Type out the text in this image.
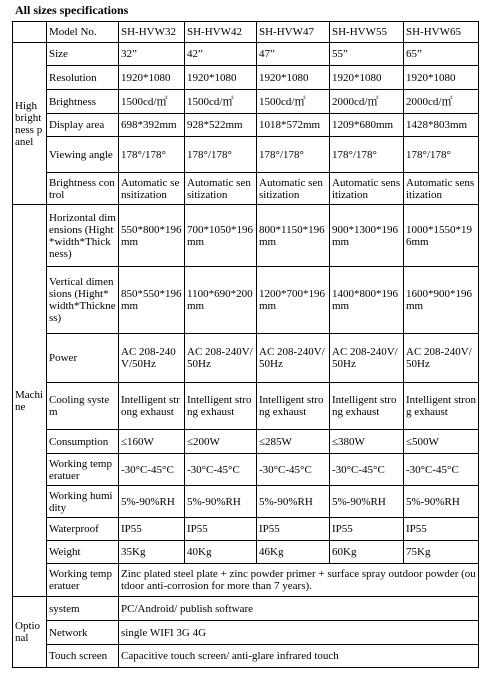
All sizes specifications
	Model No.	SH-HVW32	SH-HVW42	SH-HVW47	SH-HVW55	SH-HVW65
High brightness panel	Size	32”	42”	47”	55”	65”
	Resolution	1920*1080	1920*1080	1920*1080	1920*1080	1920*1080
	Brightness	1500cd/㎡	1500cd/㎡	1500cd/㎡	2000cd/㎡	2000cd/㎡
	Display area	698*392mm	928*522mm	1018*572mm	1209*680mm	1428*803mm
	Viewing angle	178°/178°	178°/178°	178°/178°	178°/178°	178°/178°
	Brightness control	Automatic sensitization	Automatic sensitization	Automatic sensitization	Automatic sensitization	Automatic sensitization
Machine	Horizontal dimensions (Hight*width*Thickness)	550*800*196mm	700*1050*196mm	800*1150*196mm	900*1300*196mm	1000*1550*196mm
	Vertical dimensions (Hight*width*Thickness)	850*550*196mm	1100*690*200mm	1200*700*196mm	1400*800*196mm	1600*900*196mm
	Power	AC 208-240V/50Hz	AC 208-240V/50Hz	AC 208-240V/50Hz	AC 208-240V/50Hz	AC 208-240V/50Hz
	Cooling system	Intelligent strong exhaust	Intelligent strong exhaust	Intelligent strong exhaust	Intelligent strong exhaust	Intelligent strong exhaust
	Consumption	≤160W	≤200W	≤285W	≤380W	≤500W
	Working temperatuer	-30°C-45°C	-30°C-45°C	-30°C-45°C	-30°C-45°C	-30°C-45°C
	Working humidity	5%-90%RH	5%-90%RH	5%-90%RH	5%-90%RH	5%-90%RH
	Waterproof	IP55	IP55	IP55	IP55	IP55
	Weight	35Kg	40Kg	46Kg	60Kg	75Kg
	Working temperatuer	Zinc plated steel plate + zinc powder primer + surface spray outdoor powder (outdoor anti-corrosion for more than 7 years).				
Optional	system	PC/Android/ publish software				
	Network	single WIFI 3G 4G				
	Touch screen	Capacitive touch screen/ anti-glare infrared touch				
